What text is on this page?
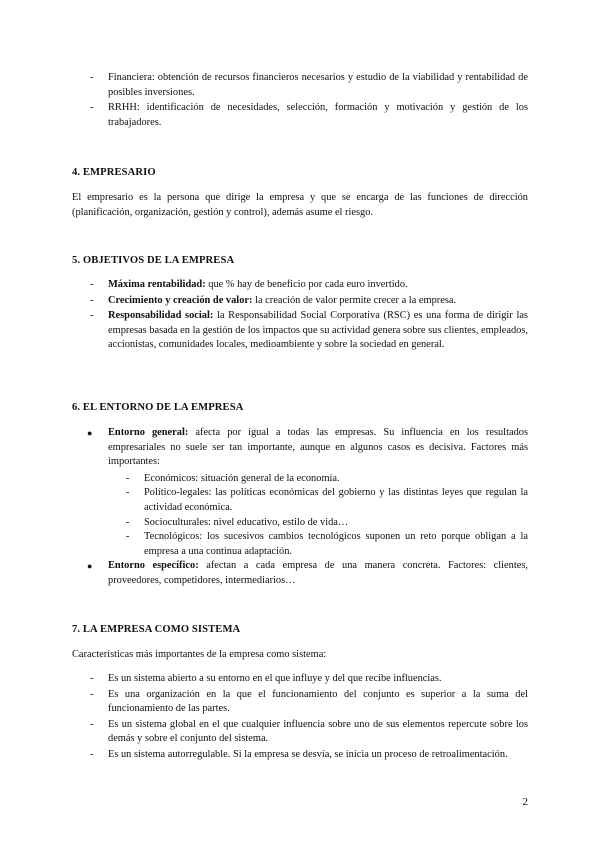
- Financiera: obtención de recursos financieros necesarios y estudio de la viabilidad y rentabilidad de posibles inversiones.
- RRHH: identificación de necesidades, selección, formación y motivación y gestión de los trabajadores.
4. EMPRESARIO

El empresario es la persona que dirige la empresa y que se encarga de las funciones de dirección (planificación, organización, gestión y control), además asume el riesgo.

5. OBJETIVOS DE LA EMPRESA
- Máxima rentabilidad: que % hay de beneficio por cada euro invertido.
- Crecimiento y creación de valor: la creación de valor permite crecer a la empresa.
- Responsabilidad social: la Responsabilidad Social Corporativa (RSC) es una forma de dirigir las empresas basada en la gestión de los impactos que su actividad genera sobre sus clientes, empleados, accionistas, comunidades locales, medioambiente y sobre la sociedad en general.
6. EL ENTORNO DE LA EMPRESA
● Entorno general: afecta por igual a todas las empresas. Su influencia en los resultados empresariales no suele ser tan importante, aunque en algunos casos es decisiva. Factores más importantes:
- Económicos: situación general de la economía.
- Político-legales: las políticas económicas del gobierno y las distintas leyes que regulan la actividad económica.
- Socioculturales: nivel educativo, estilo de vida…
- Tecnológicos: los sucesivos cambios tecnológicos suponen un reto porque obligan a la empresa a una continua adaptación.
● Entorno específico: afectan a cada empresa de una manera concreta. Factores: clientes, proveedores, competidores, intermediarios…
7. LA EMPRESA COMO SISTEMA

Características más importantes de la empresa como sistema:

- Es un sistema abierto a su entorno en el que influye y del que recibe influencias.
- Es una organización en la que el funcionamiento del conjunto es superior a la suma del funcionamiento de las partes.
- Es un sistema global en el que cualquier influencia sobre uno de sus elementos repercute sobre los demás y sobre el conjunto del sistema.
- Es un sistema autorregulable. Si la empresa se desvía, se inicia un proceso de retroalimentación.
2
